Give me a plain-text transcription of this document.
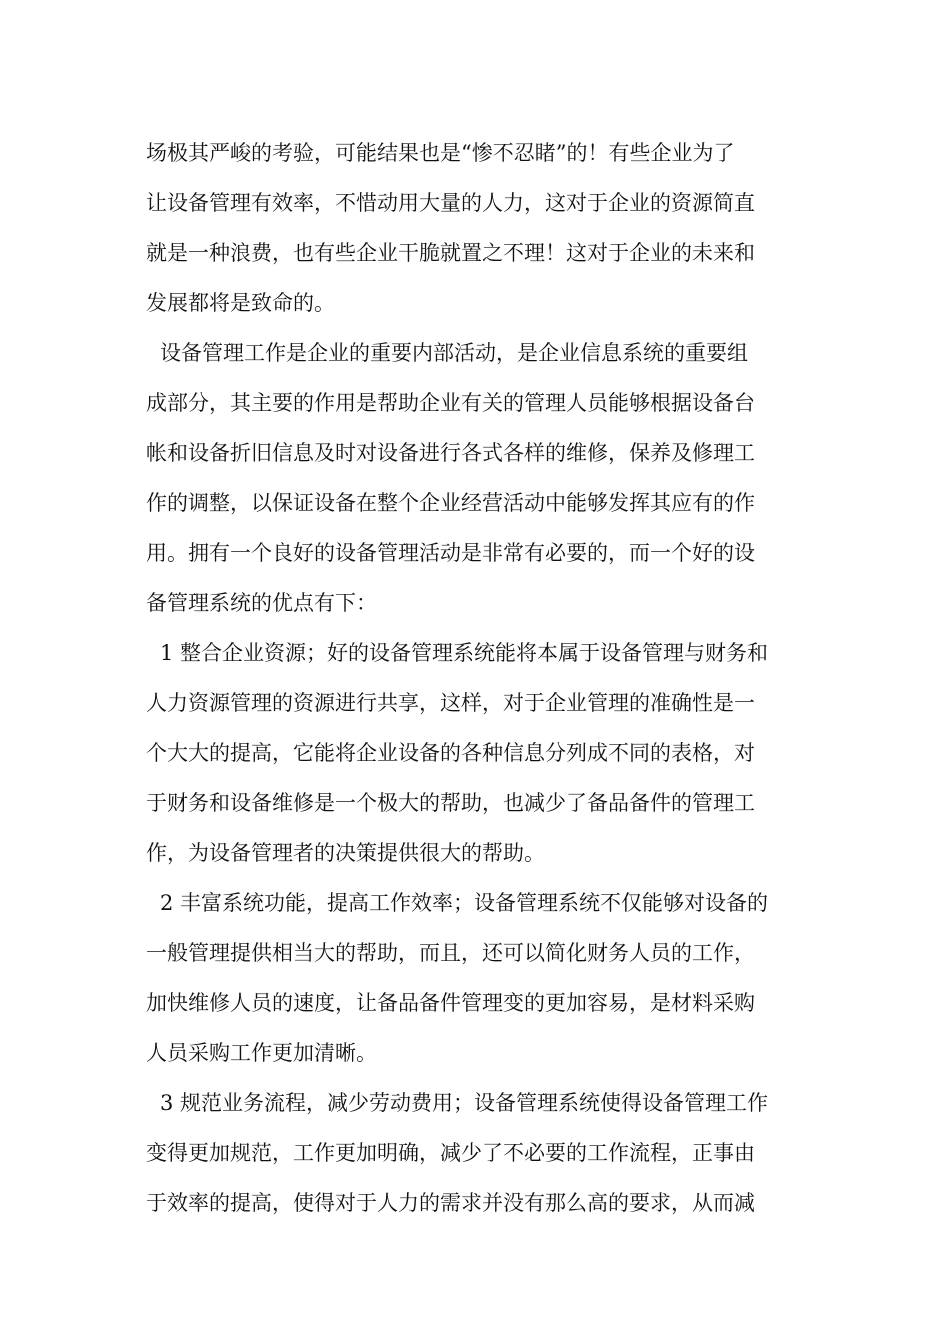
场极其严峻的考验，可能结果也是“惨不忍睹”的！有些企业为了
让设备管理有效率，不惜动用大量的人力，这对于企业的资源简直
就是一种浪费，也有些企业干脆就置之不理！这对于企业的未来和
发展都将是致命的。
设备管理工作是企业的重要内部活动，是企业信息系统的重要组
成部分，其主要的作用是帮助企业有关的管理人员能够根据设备台
帐和设备折旧信息及时对设备进行各式各样的维修，保养及修理工
作的调整，以保证设备在整个企业经营活动中能够发挥其应有的作
用。拥有一个良好的设备管理活动是非常有必要的，而一个好的设
备管理系统的优点有下：
1 整合企业资源；好的设备管理系统能将本属于设备管理与财务和
人力资源管理的资源进行共享，这样，对于企业管理的准确性是一
个大大的提高，它能将企业设备的各种信息分列成不同的表格，对
于财务和设备维修是一个极大的帮助，也减少了备品备件的管理工
作，为设备管理者的决策提供很大的帮助。
2 丰富系统功能，提高工作效率；设备管理系统不仅能够对设备的
一般管理提供相当大的帮助，而且，还可以简化财务人员的工作，
加快维修人员的速度，让备品备件管理变的更加容易，是材料采购
人员采购工作更加清晰。
3 规范业务流程，减少劳动费用；设备管理系统使得设备管理工作
变得更加规范，工作更加明确，减少了不必要的工作流程，正事由
于效率的提高，使得对于人力的需求并没有那么高的要求，从而减
